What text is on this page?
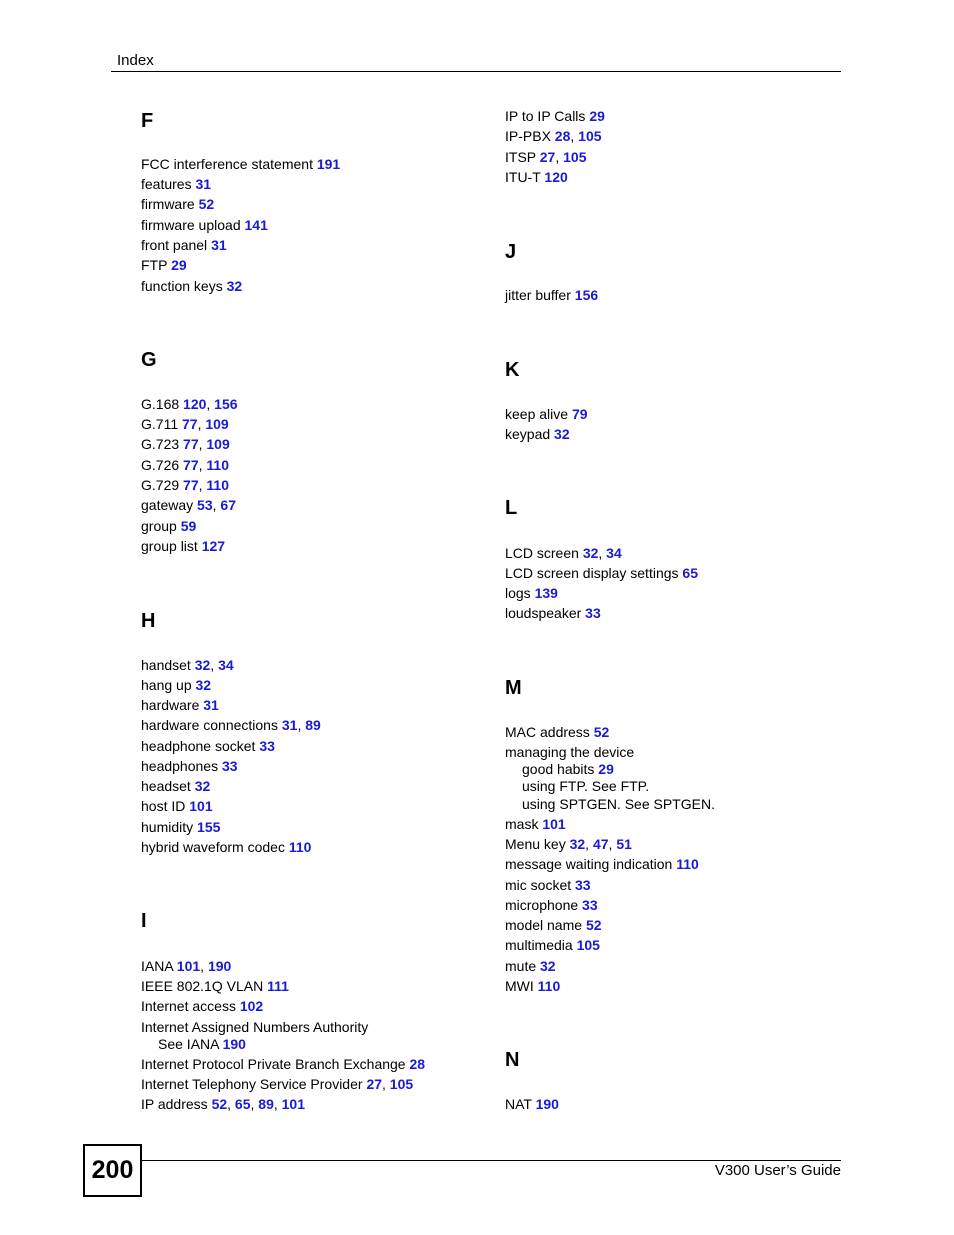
Index
F
FCC interference statement 191
features 31
firmware 52
firmware upload 141
front panel 31
FTP 29
function keys 32
G
G.168 120, 156
G.711 77, 109
G.723 77, 109
G.726 77, 110
G.729 77, 110
gateway 53, 67
group 59
group list 127
H
handset 32, 34
hang up 32
hardware 31
hardware connections 31, 89
headphone socket 33
headphones 33
headset 32
host ID 101
humidity 155
hybrid waveform codec 110
I
IANA 101, 190
IEEE 802.1Q VLAN 111
Internet access 102
Internet Assigned Numbers Authority
See IANA 190
Internet Protocol Private Branch Exchange 28
Internet Telephony Service Provider 27, 105
IP address 52, 65, 89, 101
IP to IP Calls 29
IP-PBX 28, 105
ITSP 27, 105
ITU-T 120
J
jitter buffer 156
K
keep alive 79
keypad 32
L
LCD screen 32, 34
LCD screen display settings 65
logs 139
loudspeaker 33
M
MAC address 52
managing the device
good habits 29
using FTP. See FTP.
using SPTGEN. See SPTGEN.
mask 101
Menu key 32, 47, 51
message waiting indication 110
mic socket 33
microphone 33
model name 52
multimedia 105
mute 32
MWI 110
N
NAT 190
200	V300 User’s Guide
